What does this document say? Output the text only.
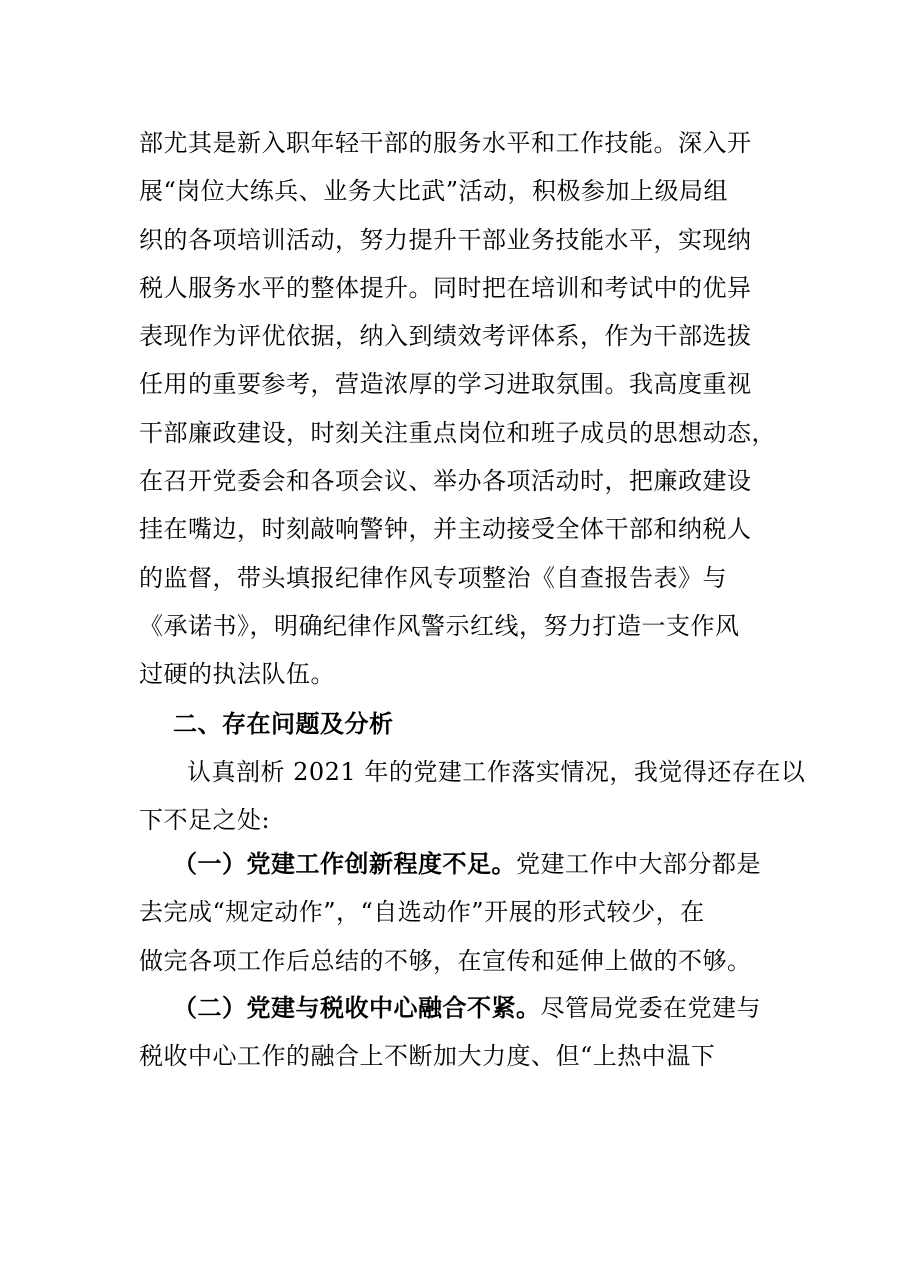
部尤其是新入职年轻干部的服务水平和工作技能。深入开
展“岗位大练兵、业务大比武”活动，积极参加上级局组
织的各项培训活动，努力提升干部业务技能水平，实现纳
税人服务水平的整体提升。同时把在培训和考试中的优异
表现作为评优依据，纳入到绩效考评体系，作为干部选拔
任用的重要参考，营造浓厚的学习进取氛围。我高度重视
干部廉政建设，时刻关注重点岗位和班子成员的思想动态，
在召开党委会和各项会议、举办各项活动时，把廉政建设
挂在嘴边，时刻敲响警钟，并主动接受全体干部和纳税人
的监督，带头填报纪律作风专项整治《自查报告表》与
《承诺书》，明确纪律作风警示红线，努力打造一支作风
过硬的执法队伍。
二、存在问题及分析
认真剖析 2021 年的党建工作落实情况，我觉得还存在以
下不足之处:
（一）党建工作创新程度不足。党建工作中大部分都是
去完成“规定动作”，“自选动作”开展的形式较少，在
做完各项工作后总结的不够，在宣传和延伸上做的不够。
（二）党建与税收中心融合不紧。尽管局党委在党建与
税收中心工作的融合上不断加大力度、但“上热中温下
